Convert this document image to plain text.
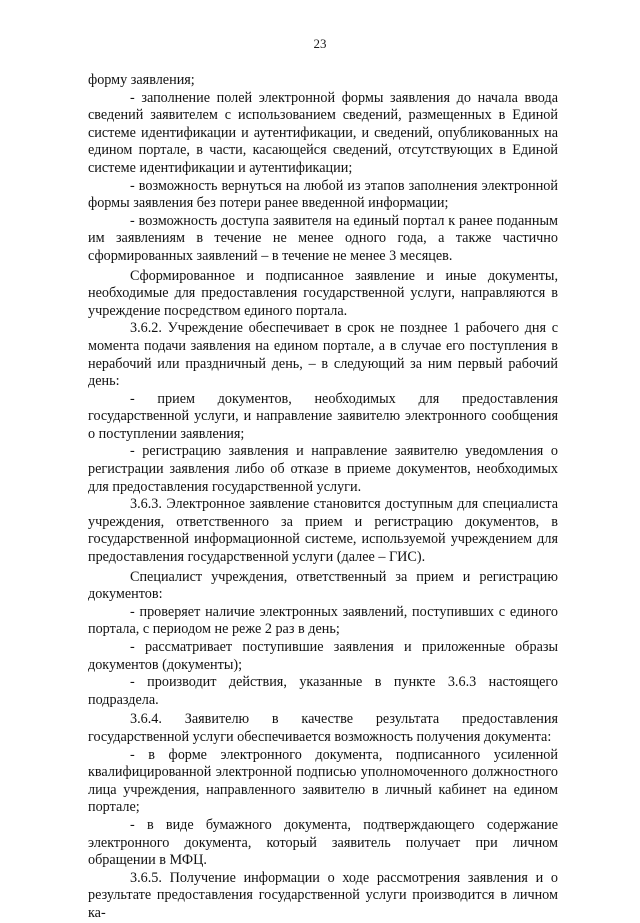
23

форму заявления;

- заполнение полей электронной формы заявления до начала ввода сведений заявителем с использованием сведений, размещенных в Единой системе идентификации и аутентификации, и сведений, опубликованных на едином портале, в части, касающейся сведений, отсутствующих в Единой системе идентификации и аутентификации;

- возможность вернуться на любой из этапов заполнения электронной формы заявления без потери ранее введенной информации;

- возможность доступа заявителя на единый портал к ранее поданным им заявлениям в течение не менее одного года, а также частично сформированных заявлений – в течение не менее 3 месяцев.

Сформированное и подписанное заявление и иные документы, необходимые для предоставления государственной услуги, направляются в учреждение посредством единого портала.

3.6.2. Учреждение обеспечивает в срок не позднее 1 рабочего дня с момента подачи заявления на едином портале, а в случае его поступления в нерабочий или праздничный день, – в следующий за ним первый рабочий день:

- прием документов, необходимых для предоставления государственной услуги, и направление заявителю электронного сообщения о поступлении заявления;

- регистрацию заявления и направление заявителю уведомления о регистрации заявления либо об отказе в приеме документов, необходимых для предоставления государственной услуги.

3.6.3. Электронное заявление становится доступным для специалиста учреждения, ответственного за прием и регистрацию документов, в государственной информационной системе, используемой учреждением для предоставления государственной услуги (далее – ГИС).

Специалист учреждения, ответственный за прием и регистрацию документов:

- проверяет наличие электронных заявлений, поступивших с единого портала, с периодом не реже 2 раз в день;

- рассматривает поступившие заявления и приложенные образы документов (документы);

- производит действия, указанные в пункте 3.6.3 настоящего подраздела.

3.6.4. Заявителю в качестве результата предоставления государственной услуги обеспечивается возможность получения документа:

- в форме электронного документа, подписанного усиленной квалифицированной электронной подписью уполномоченного должностного лица учреждения, направленного заявителю в личный кабинет на едином портале;

- в виде бумажного документа, подтверждающего содержание электронного документа, который заявитель получает при личном обращении в МФЦ.

3.6.5. Получение информации о ходе рассмотрения заявления и о результате предоставления государственной услуги производится в личном ка-
